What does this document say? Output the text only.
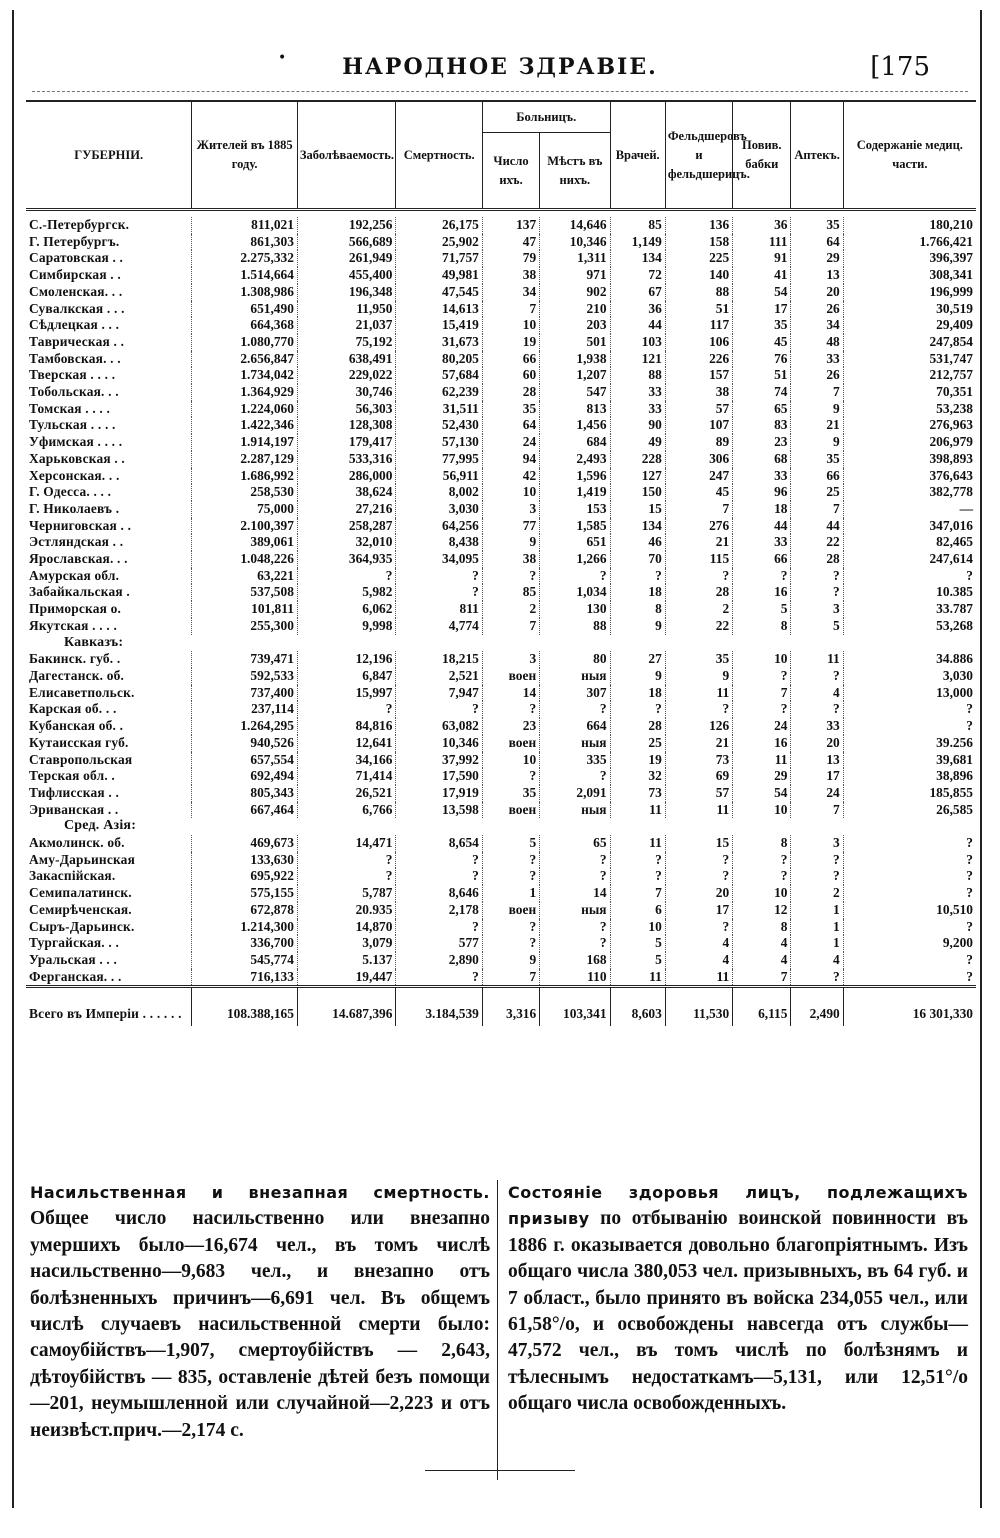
•	НАРОДНОЕ ЗДРАВІЕ.	[175
ГУБЕРНІИ.	Жителей въ 1885 году.	Заболѣваемость.	Смертность.	Больницъ.		Врачей.	Фельдшеровъ и фельдшерицъ.	Повив. бабки	Аптекъ.	Содержаніе медиц. части.
				Число ихъ.	Мѣстъ въ нихъ.					

С.-Петербургск.	811,021	192,256	26,175	137	14,646	85	136	36	35	180,210
Г. Петербургъ.	861,303	566,689	25,902	47	10,346	1,149	158	111	64	1.766,421
Саратовская . .	2.275,332	261,949	71,757	79	1,311	134	225	91	29	396,397
Симбирская . .	1.514,664	455,400	49,981	38	971	72	140	41	13	308,341
Смоленская. . .	1.308,986	196,348	47,545	34	902	67	88	54	20	196,999
Сувалкская . . .	651,490	11,950	14,613	7	210	36	51	17	26	30,519
Сѣдлецкая . . .	664,368	21,037	15,419	10	203	44	117	35	34	29,409
Таврическая . .	1.080,770	75,192	31,673	19	501	103	106	45	48	247,854
Тамбовская. . .	2.656,847	638,491	80,205	66	1,938	121	226	76	33	531,747
Тверская . . . .	1.734,042	229,022	57,684	60	1,207	88	157	51	26	212,757
Тобольская. . .	1.364,929	30,746	62,239	28	547	33	38	74	7	70,351
Томская . . . .	1.224,060	56,303	31,511	35	813	33	57	65	9	53,238
Тульская . . . .	1.422,346	128,308	52,430	64	1,456	90	107	83	21	276,963
Уфимская . . . .	1.914,197	179,417	57,130	24	684	49	89	23	9	206,979
Харьковская . .	2.287,129	533,316	77,995	94	2,493	228	306	68	35	398,893
Херсонская. . .	1.686,992	286,000	56,911	42	1,596	127	247	33	66	376,643
Г. Одесса. . . .	258,530	38,624	8,002	10	1,419	150	45	96	25	382,778
Г. Николаевъ .	75,000	27,216	3,030	3	153	15	7	18	7	—
Черниговская . .	2.100,397	258,287	64,256	77	1,585	134	276	44	44	347,016
Эстляндская . .	389,061	32,010	8,438	9	651	46	21	33	22	82,465
Ярославская. . .	1.048,226	364,935	34,095	38	1,266	70	115	66	28	247,614
Амурская обл.	63,221	?	?	?	?	?	?	?	?	?
Забайкальская .	537,508	5,982	?	85	1,034	18	28	16	?	10.385
Приморская о.	101,811	6,062	811	2	130	8	2	5	3	33.787
Якутская . . . .	255,300	9,998	4,774	7	88	9	22	8	5	53,268
Кавказъ:										
Бакинск. губ. .	739,471	12,196	18,215	3	80	27	35	10	11	34.886
Дагестанск. об.	592,533	6,847	2,521	воен	ныя	9	9	?	?	3,030
Елисаветпольск.	737,400	15,997	7,947	14	307	18	11	7	4	13,000
Карская об. . .	237,114	?	?	?	?	?	?	?	?	?
Кубанская об. .	1.264,295	84,816	63,082	23	664	28	126	24	33	?
Кутаисская губ.	940,526	12,641	10,346	воен	ныя	25	21	16	20	39.256
Ставропольская	657,554	34,166	37,992	10	335	19	73	11	13	39,681
Терская обл. .	692,494	71,414	17,590	?	?	32	69	29	17	38,896
Тифлисская . .	805,343	26,521	17,919	35	2,091	73	57	54	24	185,855
Эриванская . .	667,464	6,766	13,598	воен	ныя	11	11	10	7	26,585
Сред. Азія:										
Акмолинск. об.	469,673	14,471	8,654	5	65	11	15	8	3	?
Аму-Дарьинская	133,630	?	?	?	?	?	?	?	?	?
Закаспійская.	695,922	?	?	?	?	?	?	?	?	?
Семипалатинск.	575,155	5,787	8,646	1	14	7	20	10	2	?
Семирѣченская.	672,878	20.935	2,178	воен	ныя	6	17	12	1	10,510
Сыръ-Дарьинск.	1.214,300	14,870	?	?	?	10	?	8	1	?
Тургайская. . .	336,700	3,079	577	?	?	5	4	4	1	9,200
Уральская . . .	545,774	5.137	2,890	9	168	5	4	4	4	?
Ферганская. . .	716,133	19,447	?	7	110	11	11	7	?	?
Всего въ Имперіи . . . . . .	108.388,165	14.687,396	3.184,539	3,316	103,341	8,603	11,530	6,115	2,490	16 301,330
Насильственная и внезапная смертность. Общее число насильственно или внезапно умершихъ было—16,674 чел., въ томъ числѣ насильственно—9,683 чел., и внезапно отъ болѣзненныхъ причинъ—6,691 чел. Въ общемъ числѣ случаевъ насильственной смерти было: самоубійствъ—1,907, смертоубійствъ — 2,643, дѣтоубійствъ — 835, оставленіе дѣтей безъ помощи—201, неумышленной или случайной—2,223 и отъ неизвѣст.прич.—2,174 с.
Состояніе здоровья лицъ, подлежащихъ призыву по отбыванію воинской повинности въ 1886 г. оказывается довольно благопріятнымъ. Изъ общаго числа 380,053 чел. призывныхъ, въ 64 губ. и 7 област., было принято въ войска 234,055 чел., или 61,58°/о, и освобождены навсегда отъ службы—47,572 чел., въ томъ числѣ по болѣзнямъ и тѣлеснымъ недостаткамъ—5,131, или 12,51°/о общаго числа освобожденныхъ.
